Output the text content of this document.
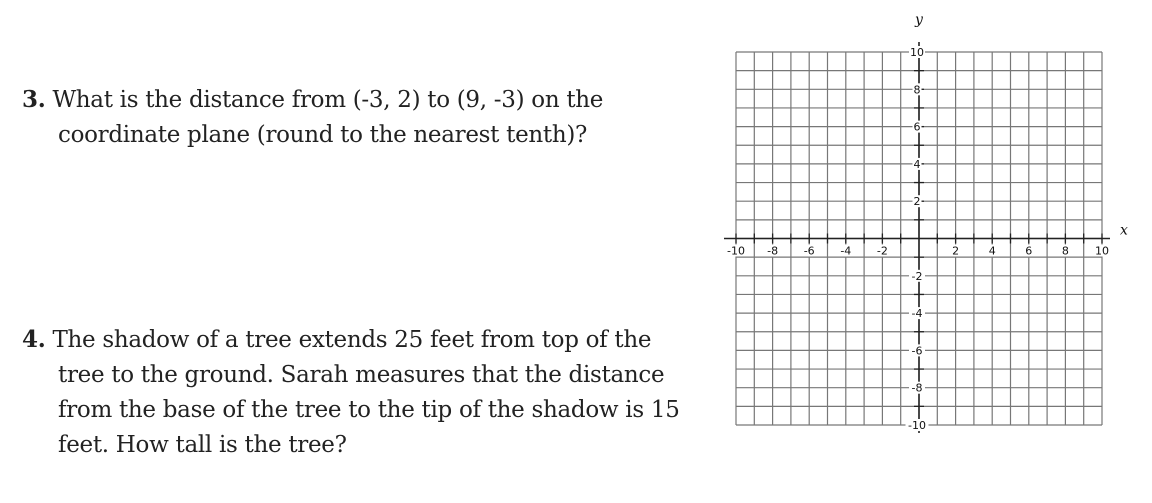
3. What is the distance from (-3, 2) to (9, -3) on the
coordinate plane (round to the nearest tenth)?
4. The shadow of a tree extends 25 feet from top of the
tree to the ground. Sarah measures that the distance
from the base of the tree to the tip of the shadow is 15
feet. How tall is the tree?
-10 -8 -6 -4 -2	2	4	6	8 10
10
8
6
4
2
-2
-4
-6
-8
-10
x
y
